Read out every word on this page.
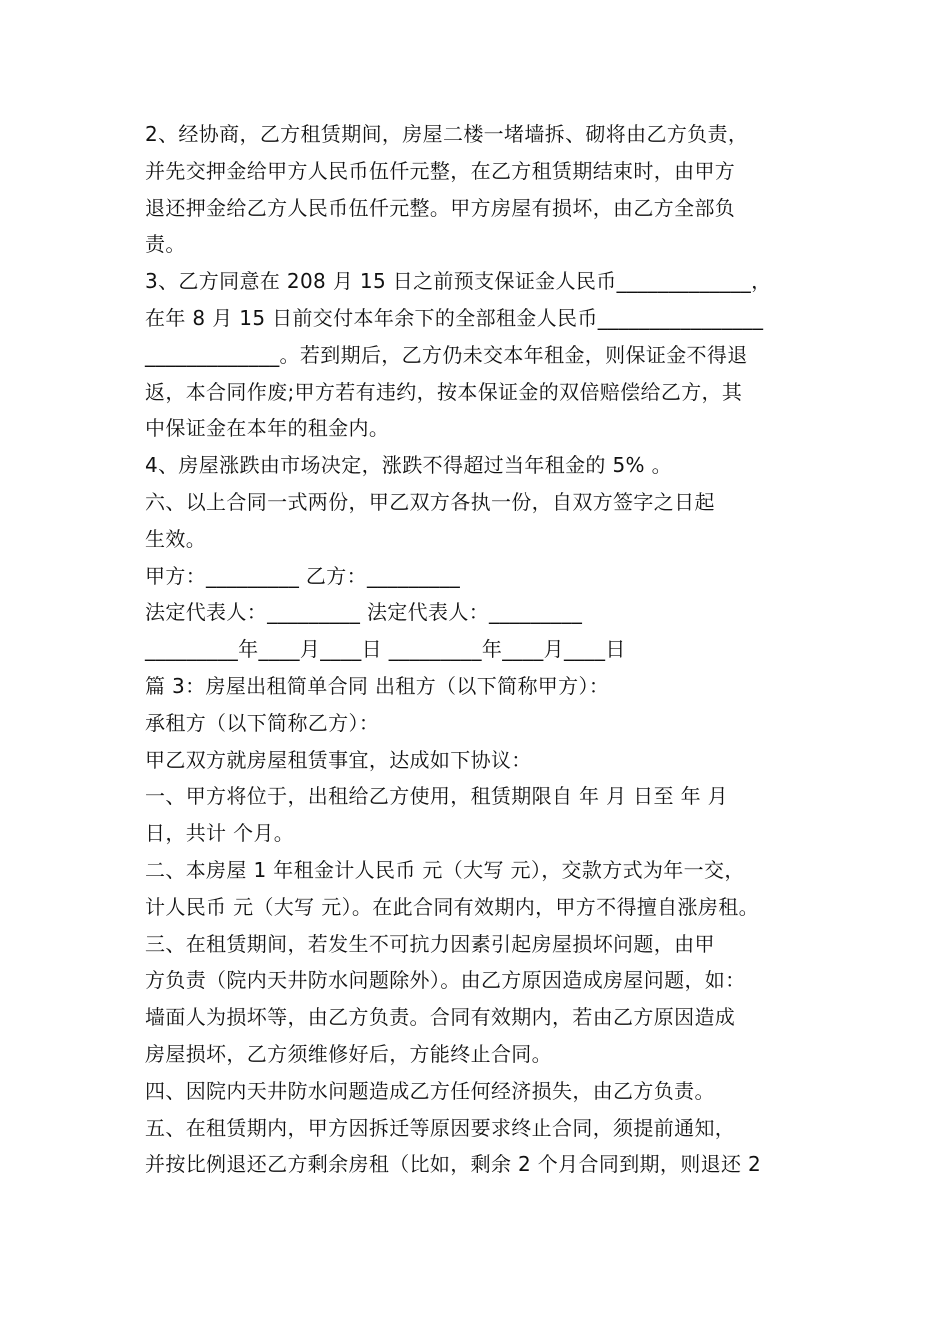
2、经协商，乙方租赁期间，房屋二楼一堵墙拆、砌将由乙方负责，
并先交押金给甲方人民币伍仟元整，在乙方租赁期结束时，由甲方
退还押金给乙方人民币伍仟元整。甲方房屋有损坏，由乙方全部负
责。
3、乙方同意在 208 月 15 日之前预支保证金人民币_____________，
在年 8 月 15 日前交付本年余下的全部租金人民币________________
_____________。若到期后，乙方仍未交本年租金，则保证金不得退
返，本合同作废;甲方若有违约，按本保证金的双倍赔偿给乙方，其
中保证金在本年的租金内。
4、房屋涨跌由市场决定，涨跌不得超过当年租金的 5% 。
六、以上合同一式两份，甲乙双方各执一份，自双方签字之日起
生效。
甲方：_________ 乙方：_________
法定代表人：_________ 法定代表人：_________
_________年____月____日 _________年____月____日
篇 3：房屋出租简单合同 出租方（以下简称甲方）：
承租方（以下简称乙方）：
甲乙双方就房屋租赁事宜，达成如下协议：
一、甲方将位于，出租给乙方使用，租赁期限自 年 月 日至 年 月
日，共计 个月。
二、本房屋 1 年租金计人民币 元（大写 元），交款方式为年一交，
计人民币 元（大写 元）。在此合同有效期内，甲方不得擅自涨房租。
三、在租赁期间，若发生不可抗力因素引起房屋损坏问题，由甲
方负责（院内天井防水问题除外）。由乙方原因造成房屋问题，如：
墙面人为损坏等，由乙方负责。合同有效期内，若由乙方原因造成
房屋损坏，乙方须维修好后，方能终止合同。
四、因院内天井防水问题造成乙方任何经济损失，由乙方负责。
五、在租赁期内，甲方因拆迁等原因要求终止合同，须提前通知，
并按比例退还乙方剩余房租（比如，剩余 2 个月合同到期，则退还 2
